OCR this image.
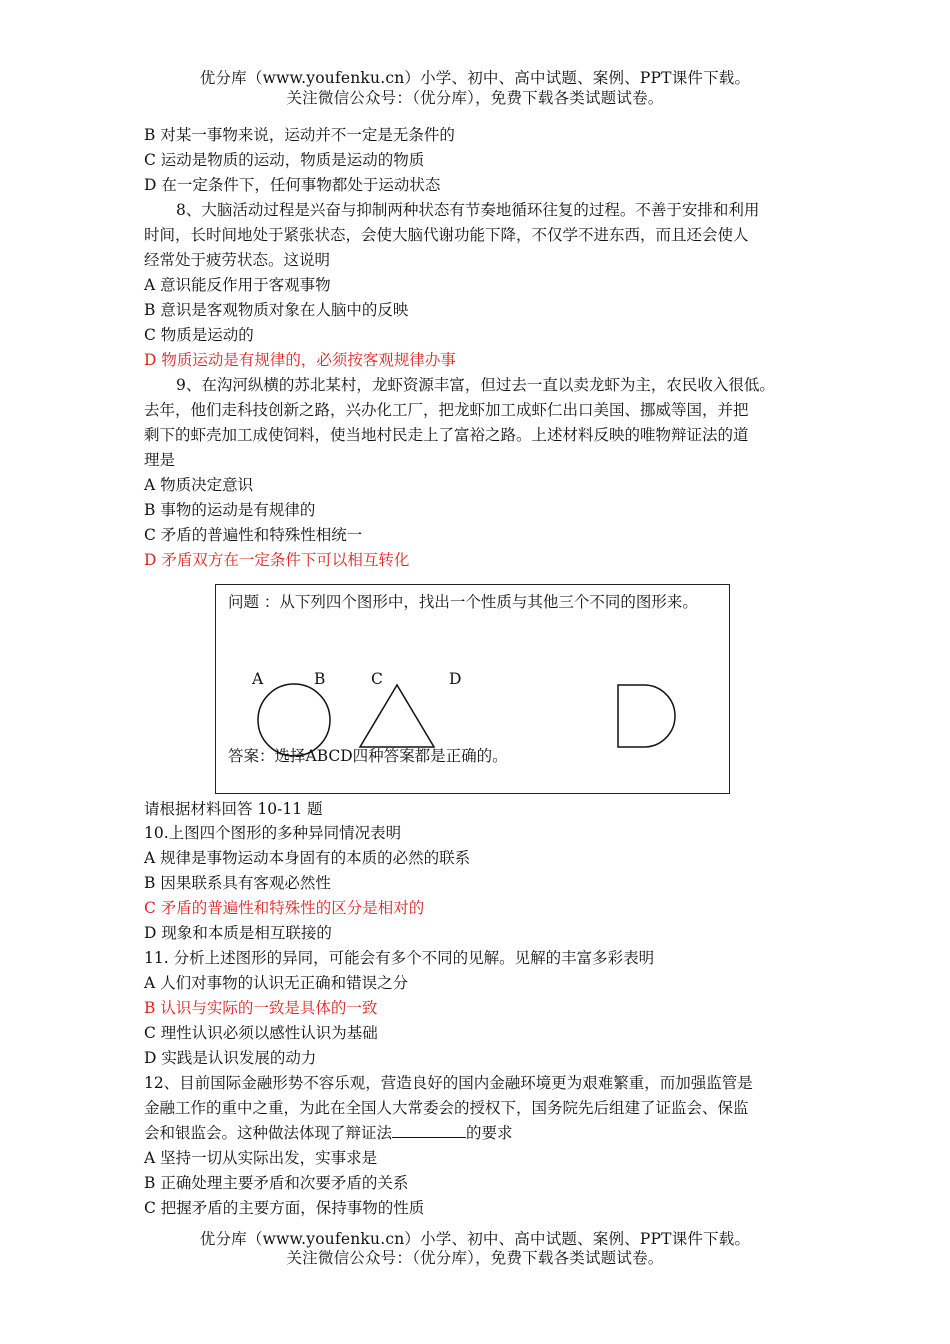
优分库（www.youfenku.cn）小学、初中、高中试题、案例、PPT课件下载。
关注微信公众号：（优分库），免费下载各类试题试卷。
B 对某一事物来说，运动并不一定是无条件的
C 运动是物质的运动，物质是运动的物质
D 在一定条件下，任何事物都处于运动状态
8、大脑活动过程是兴奋与抑制两种状态有节奏地循环往复的过程。不善于安排和利用
时间，长时间地处于紧张状态，会使大脑代谢功能下降，不仅学不进东西，而且还会使人
经常处于疲劳状态。这说明
A 意识能反作用于客观事物
B 意识是客观物质对象在人脑中的反映
C 物质是运动的
D 物质运动是有规律的，必须按客观规律办事
9、在沟河纵横的苏北某村，龙虾资源丰富，但过去一直以卖龙虾为主，农民收入很低。
去年，他们走科技创新之路，兴办化工厂，把龙虾加工成虾仁出口美国、挪威等国，并把
剩下的虾壳加工成使饲料，使当地村民走上了富裕之路。上述材料反映的唯物辩证法的道
理是
A 物质决定意识
B 事物的运动是有规律的
C 矛盾的普遍性和特殊性相统一
D 矛盾双方在一定条件下可以相互转化
问题 ：从下列四个图形中，找出一个性质与其他三个不同的图形来。
A	B	C	D
答案：选择ABCD四种答案都是正确的。
请根据材料回答 10-11 题
10.上图四个图形的多种异同情况表明
A 规律是事物运动本身固有的本质的必然的联系
B 因果联系具有客观必然性
C 矛盾的普遍性和特殊性的区分是相对的
D 现象和本质是相互联接的
11. 分析上述图形的异同，可能会有多个不同的见解。见解的丰富多彩表明
A 人们对事物的认识无正确和错误之分
B 认识与实际的一致是具体的一致
C 理性认识必须以感性认识为基础
D 实践是认识发展的动力
12、目前国际金融形势不容乐观，营造良好的国内金融环境更为艰难繁重，而加强监管是
金融工作的重中之重，为此在全国人大常委会的授权下，国务院先后组建了证监会、保监
会和银监会。这种做法体现了辩证法	的要求
A 坚持一切从实际出发，实事求是
B 正确处理主要矛盾和次要矛盾的关系
C 把握矛盾的主要方面，保持事物的性质
优分库（www.youfenku.cn）小学、初中、高中试题、案例、PPT课件下载。
关注微信公众号：（优分库），免费下载各类试题试卷。
